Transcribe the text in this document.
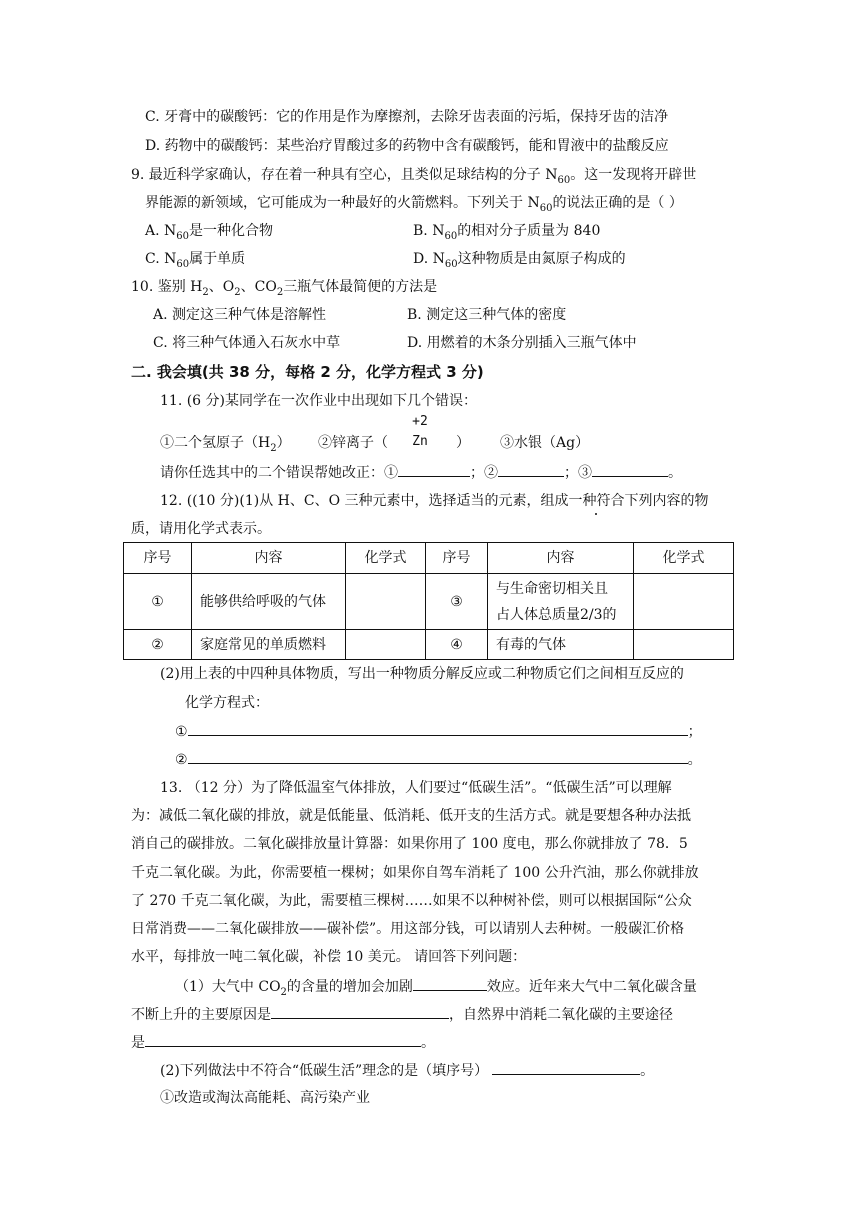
C. 牙膏中的碳酸钙：它的作用是作为摩擦剂，去除牙齿表面的污垢，保持牙齿的洁净
D. 药物中的碳酸钙：某些治疗胃酸过多的药物中含有碳酸钙，能和胃液中的盐酸反应
9. 最近科学家确认，存在着一种具有空心，且类似足球结构的分子 $N_{60}$。这一发现将开辟世
界能源的新领域，它可能成为一种最好的火箭燃料。下列关于 $N_{60}$的说法正确的是（ ）
A. $N_{60}$是一种化合物	B. $N_{60}$的相对分子质量为 840
C. $N_{60}$属于单质	D. $N_{60}$这种物质是由氮原子构成的
10. 鉴别 $H_2$、$O_2$、$CO_2$三瓶气体最简便的方法是
A. 测定这三种气体是溶解性	B. 测定这三种气体的密度
C. 将三种气体通入石灰水中草	D. 用燃着的木条分别插入三瓶气体中
二. 我会填(共 38 分，每格 2 分，化学方程式 3 分)
11. (6 分)某同学在一次作业中出现如下几个错误：
①二个氢原子$(H_2)$ ②锌离子（	）
+2
Zn	③水银（Ag）
请你任选其中的二个错误帮她改正：①	；②	；③	。
12. ((10 分)(1)从 H、C、O 三种元素中，选择适当的元素，组成一种符合下列内容的物
质，请用化学式表示。
序号	内容	化学式	序号	内容	化学式
①	能够供给呼吸的气体		③	与生命密切相关且
占人体总质量2/3的	

②	家庭常见的单质燃料		④	有毒的气体	
(2)用上表的中四种具体物质，写出一种物质分解反应或二种物质它们之间相互反应的
化学方程式：
①	；
②	。
13. （12 分）为了降低温室气体排放，人们要过“低碳生活”。“低碳生活”可以理解
为：减低二氧化碳的排放，就是低能量、低消耗、低开支的生活方式。就是要想各种办法抵
消自己的碳排放。二氧化碳排放量计算器：如果你用了 100 度电，那么你就排放了 78．5
千克二氧化碳。为此，你需要植一棵树；如果你自驾车消耗了 100 公升汽油，那么你就排放
了 270 千克二氧化碳，为此，需要植三棵树……如果不以种树补偿，则可以根据国际“公众
日常消费——二氧化碳排放——碳补偿”。用这部分钱，可以请别人去种树。一般碳汇价格
水平，每排放一吨二氧化碳，补偿 10 美元。 请回答下列问题：
（1）大气中 $CO_2$的含量的增加会加剧	效应。近年来大气中二氧化碳含量
不断上升的主要原因是	，自然界中消耗二氧化碳的主要途径
是	。
(2)下列做法中不符合“低碳生活”理念的是（填序号）	。
①改造或淘汰高能耗、高污染产业
